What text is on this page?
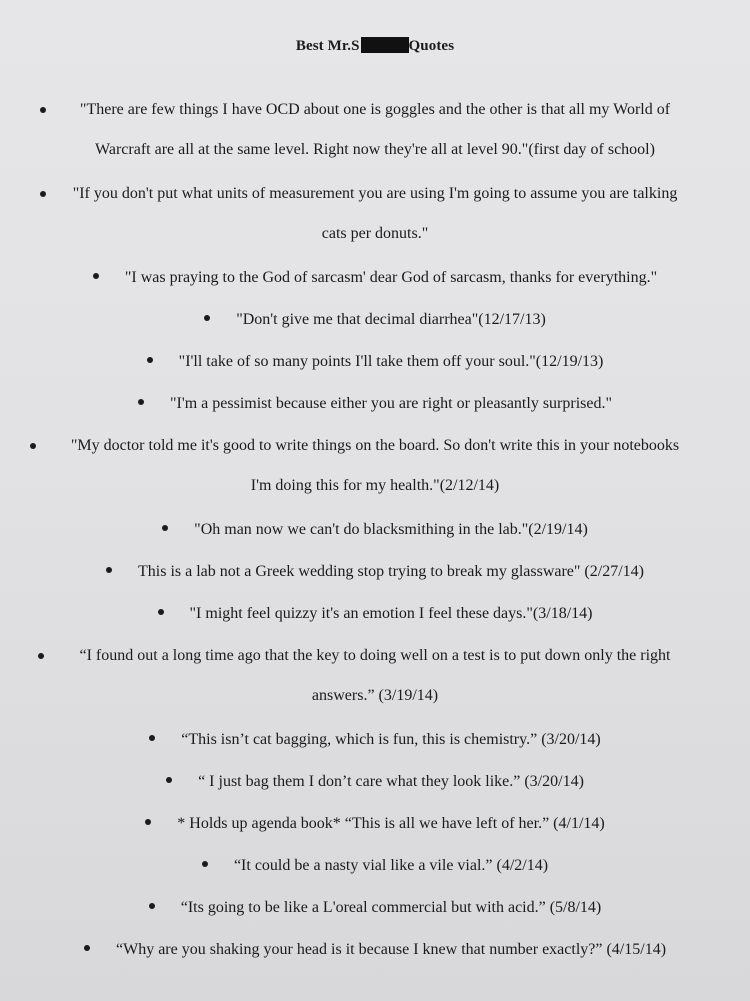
Best Mr.S	Quotes
"There are few things I have OCD about one is goggles and the other is that all my World of Warcraft are all at the same level. Right now they're all at level 90."(first day of school)
"If you don't put what units of measurement you are using I'm going to assume you are talking cats per donuts."
"I was praying to the God of sarcasm' dear God of sarcasm, thanks for everything."
"Don't give me that decimal diarrhea"(12/17/13)
"I'll take of so many points I'll take them off your soul."(12/19/13)
"I'm a pessimist because either you are right or pleasantly surprised."
"My doctor told me it's good to write things on the board. So don't write this in your notebooks I'm doing this for my health."(2/12/14)
"Oh man now we can't do blacksmithing in the lab."(2/19/14)
This is a lab not a Greek wedding stop trying to break my glassware" (2/27/14)
"I might feel quizzy it's an emotion I feel these days."(3/18/14)
“I found out a long time ago that the key to doing well on a test is to put down only the right answers.” (3/19/14)
“This isn’t cat bagging, which is fun, this is chemistry.” (3/20/14)
“ I just bag them I don’t care what they look like.” (3/20/14)
* Holds up agenda book* “This is all we have left of her.” (4/1/14)
“It could be a nasty vial like a vile vial.” (4/2/14)
“Its going to be like a L'oreal commercial but with acid.” (5/8/14)
“Why are you shaking your head is it because I knew that number exactly?” (4/15/14)
